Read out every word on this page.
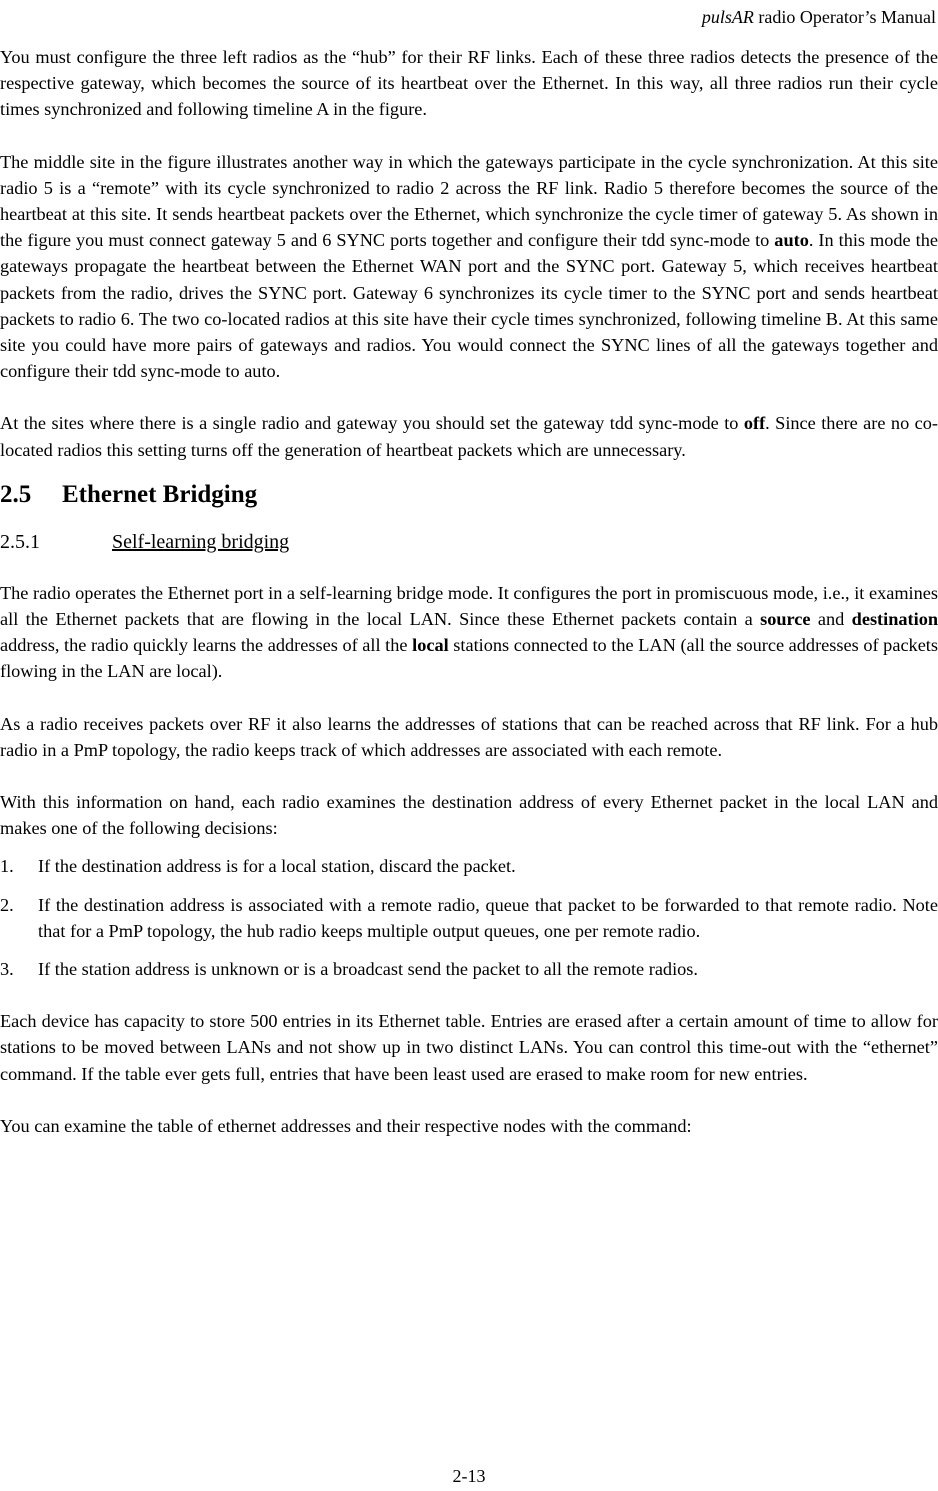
pulsAR radio Operator’s Manual

You must configure the three left radios as the “hub” for their RF links. Each of these three radios detects the presence of the respective gateway, which becomes the source of its heartbeat over the Ethernet. In this way, all three radios run their cycle times synchronized and following timeline A in the figure.

The middle site in the figure illustrates another way in which the gateways participate in the cycle synchronization. At this site radio 5 is a “remote” with its cycle synchronized to radio 2 across the RF link. Radio 5 therefore becomes the source of the heartbeat at this site. It sends heartbeat packets over the Ethernet, which synchronize the cycle timer of gateway 5. As shown in the figure you must connect gateway 5 and 6 SYNC ports together and configure their tdd sync-mode to auto. In this mode the gateways propagate the heartbeat between the Ethernet WAN port and the SYNC port. Gateway 5, which receives heartbeat packets from the radio, drives the SYNC port. Gateway 6 synchronizes its cycle timer to the SYNC port and sends heartbeat packets to radio 6. The two co-located radios at this site have their cycle times synchronized, following timeline B. At this same site you could have more pairs of gateways and radios. You would connect the SYNC lines of all the gateways together and configure their tdd sync-mode to auto.

At the sites where there is a single radio and gateway you should set the gateway tdd sync-mode to off. Since there are no co-located radios this setting turns off the generation of heartbeat packets which are unnecessary.

2.5 Ethernet Bridging
2.5.1	Self-learning bridging

The radio operates the Ethernet port in a self-learning bridge mode. It configures the port in promiscuous mode, i.e., it examines all the Ethernet packets that are flowing in the local LAN. Since these Ethernet packets contain a source and destination address, the radio quickly learns the addresses of all the local stations connected to the LAN (all the source addresses of packets flowing in the LAN are local).

As a radio receives packets over RF it also learns the addresses of stations that can be reached across that RF link. For a hub radio in a PmP topology, the radio keeps track of which addresses are associated with each remote.

With this information on hand, each radio examines the destination address of every Ethernet packet in the local LAN and makes one of the following decisions:

1. If the destination address is for a local station, discard the packet.
2. If the destination address is associated with a remote radio, queue that packet to be forwarded to that remote radio. Note that for a PmP topology, the hub radio keeps multiple output queues, one per remote radio.
3. If the station address is unknown or is a broadcast send the packet to all the remote radios.

Each device has capacity to store 500 entries in its Ethernet table. Entries are erased after a certain amount of time to allow for stations to be moved between LANs and not show up in two distinct LANs. You can control this time-out with the “ethernet” command. If the table ever gets full, entries that have been least used are erased to make room for new entries.

You can examine the table of ethernet addresses and their respective nodes with the command:

2-13
